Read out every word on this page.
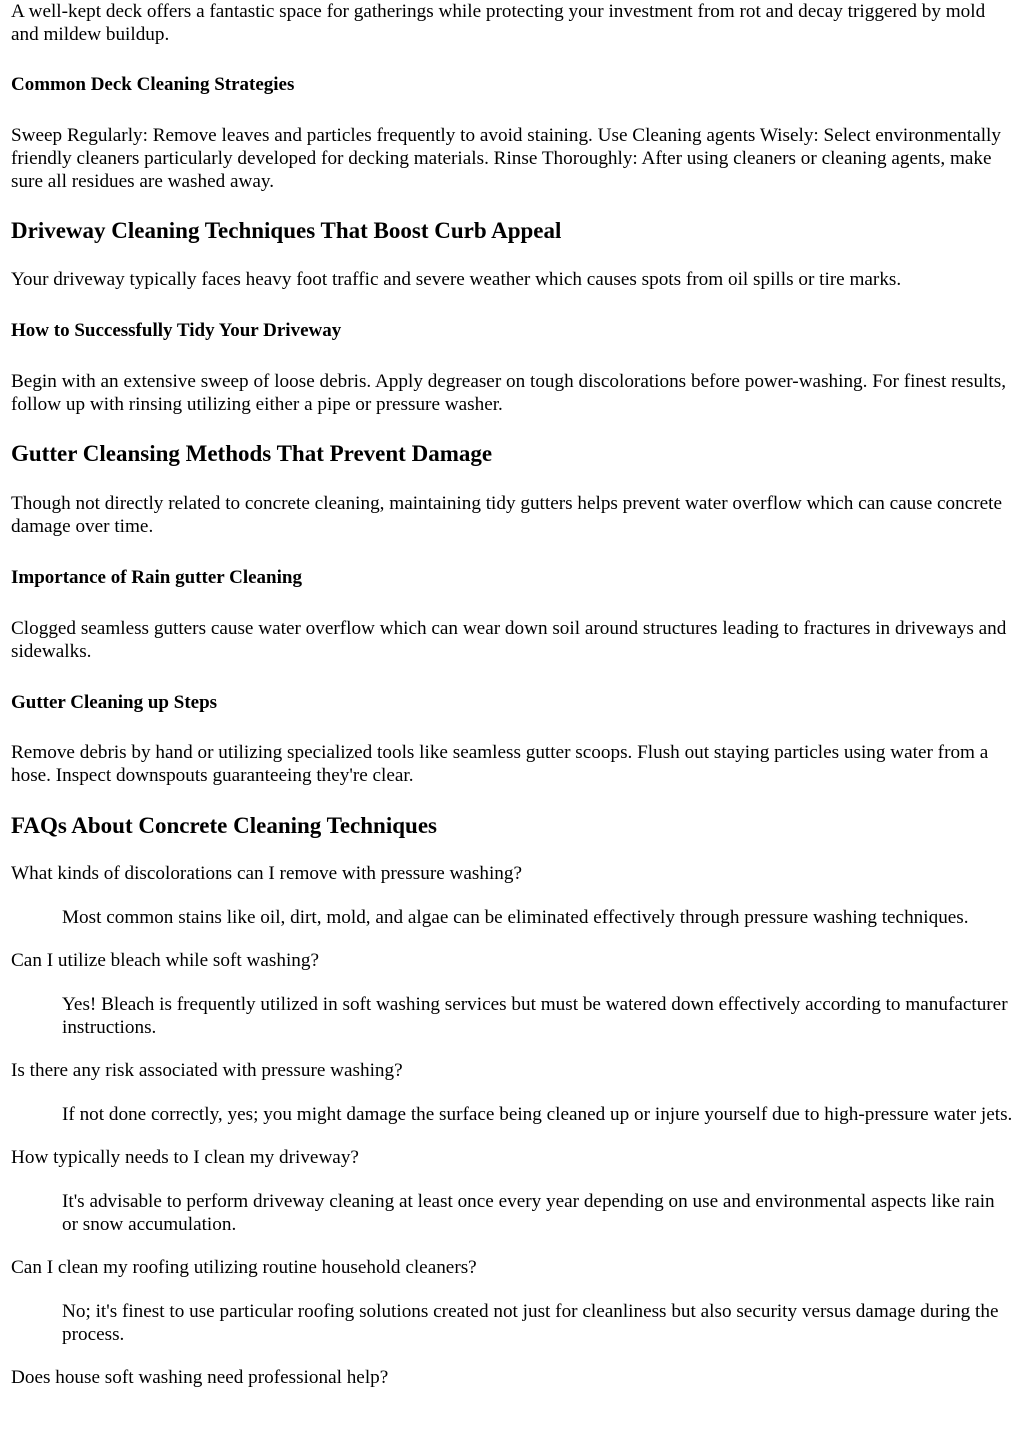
A well-kept deck offers a fantastic space for gatherings while protecting your investment from rot and decay triggered by mold and mildew buildup.

Common Deck Cleaning Strategies

Sweep Regularly: Remove leaves and particles frequently to avoid staining. Use Cleaning agents Wisely: Select environmentally friendly cleaners particularly developed for decking materials. Rinse Thoroughly: After using cleaners or cleaning agents, make sure all residues are washed away.

Driveway Cleaning Techniques That Boost Curb Appeal

Your driveway typically faces heavy foot traffic and severe weather which causes spots from oil spills or tire marks.

How to Successfully Tidy Your Driveway

Begin with an extensive sweep of loose debris. Apply degreaser on tough discolorations before power-washing. For finest results, follow up with rinsing utilizing either a pipe or pressure washer.

Gutter Cleansing Methods That Prevent Damage

Though not directly related to concrete cleaning, maintaining tidy gutters helps prevent water overflow which can cause concrete damage over time.

Importance of Rain gutter Cleaning

Clogged seamless gutters cause water overflow which can wear down soil around structures leading to fractures in driveways and sidewalks.

Gutter Cleaning up Steps

Remove debris by hand or utilizing specialized tools like seamless gutter scoops. Flush out staying particles using water from a hose. Inspect downspouts guaranteeing they're clear.

FAQs About Concrete Cleaning Techniques
What kinds of discolorations can I remove with pressure washing?
Most common stains like oil, dirt, mold, and algae can be eliminated effectively through pressure washing techniques.
Can I utilize bleach while soft washing?
Yes! Bleach is frequently utilized in soft washing services but must be watered down effectively according to manufacturer instructions.
Is there any risk associated with pressure washing?
If not done correctly, yes; you might damage the surface being cleaned up or injure yourself due to high-pressure water jets.
How typically needs to I clean my driveway?
It's advisable to perform driveway cleaning at least once every year depending on use and environmental aspects like rain or snow accumulation.
Can I clean my roofing utilizing routine household cleaners?
No; it's finest to use particular roofing solutions created not just for cleanliness but also security versus damage during the process.
Does house soft washing need professional help?
